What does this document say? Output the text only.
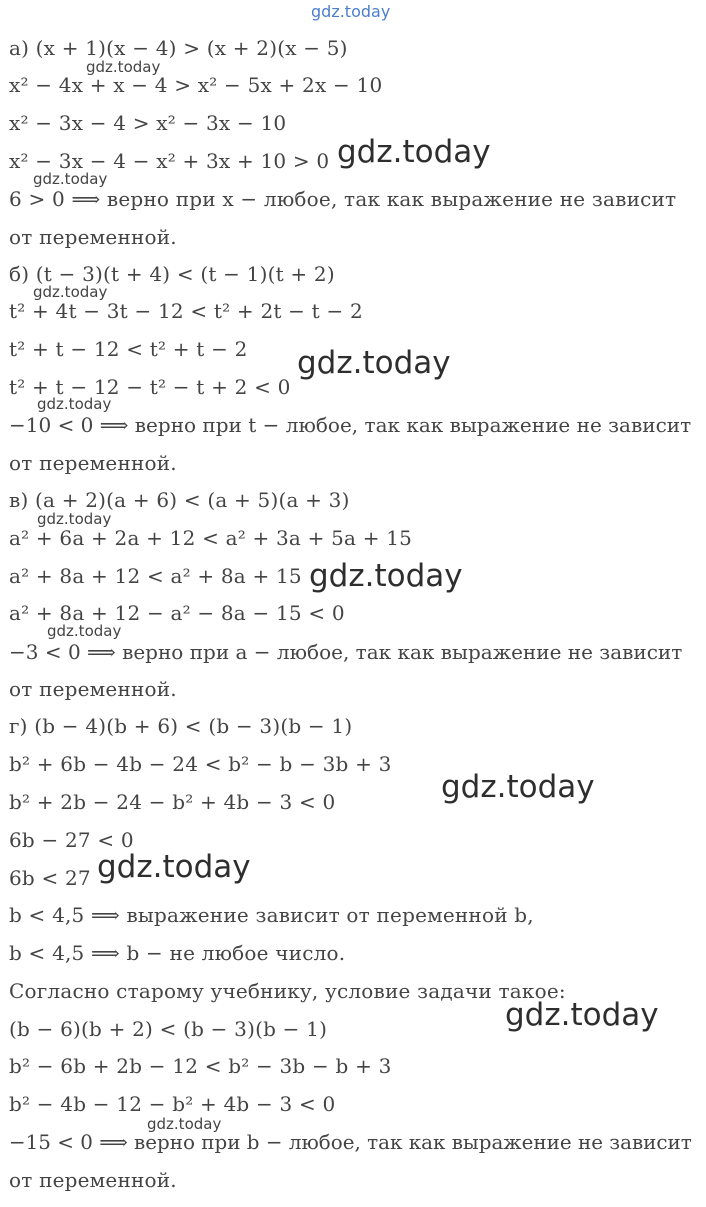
gdz.today
а) (x + 1)(x − 4) > (x + 2)(x − 5)
x² − 4x + x − 4 > x² − 5x + 2x − 10
x² − 3x − 4 > x² − 3x − 10
x² − 3x − 4 − x² + 3x + 10 > 0
6 > 0 ⟹ верно при x − любое, так как выражение не зависит
от переменной.
б) (t − 3)(t + 4) < (t − 1)(t + 2)
t² + 4t − 3t − 12 < t² + 2t − t − 2
t² + t − 12 < t² + t − 2
t² + t − 12 − t² − t + 2 < 0
−10 < 0 ⟹ верно при t − любое, так как выражение не зависит
от переменной.
в) (a + 2)(a + 6) < (a + 5)(a + 3)
a² + 6a + 2a + 12 < a² + 3a + 5a + 15
a² + 8a + 12 < a² + 8a + 15
a² + 8a + 12 − a² − 8a − 15 < 0
−3 < 0 ⟹ верно при a − любое, так как выражение не зависит
от переменной.
г) (b − 4)(b + 6) < (b − 3)(b − 1)
b² + 6b − 4b − 24 < b² − b − 3b + 3
b² + 2b − 24 − b² + 4b − 3 < 0
6b − 27 < 0
6b < 27
b < 4,5 ⟹ выражение зависит от переменной b,
b < 4,5 ⟹ b − не любое число.
Согласно старому учебнику, условие задачи такое:
(b − 6)(b + 2) < (b − 3)(b − 1)
b² − 6b + 2b − 12 < b² − 3b − b + 3
b² − 4b − 12 − b² + 4b − 3 < 0
−15 < 0 ⟹ верно при b − любое, так как выражение не зависит
от переменной.
gdz.today
gdz.today
gdz.today
gdz.today
gdz.today
gdz.today
gdz.today
gdz.today
gdz.today
gdz.today
gdz.today
gdz.today
gdz.today
